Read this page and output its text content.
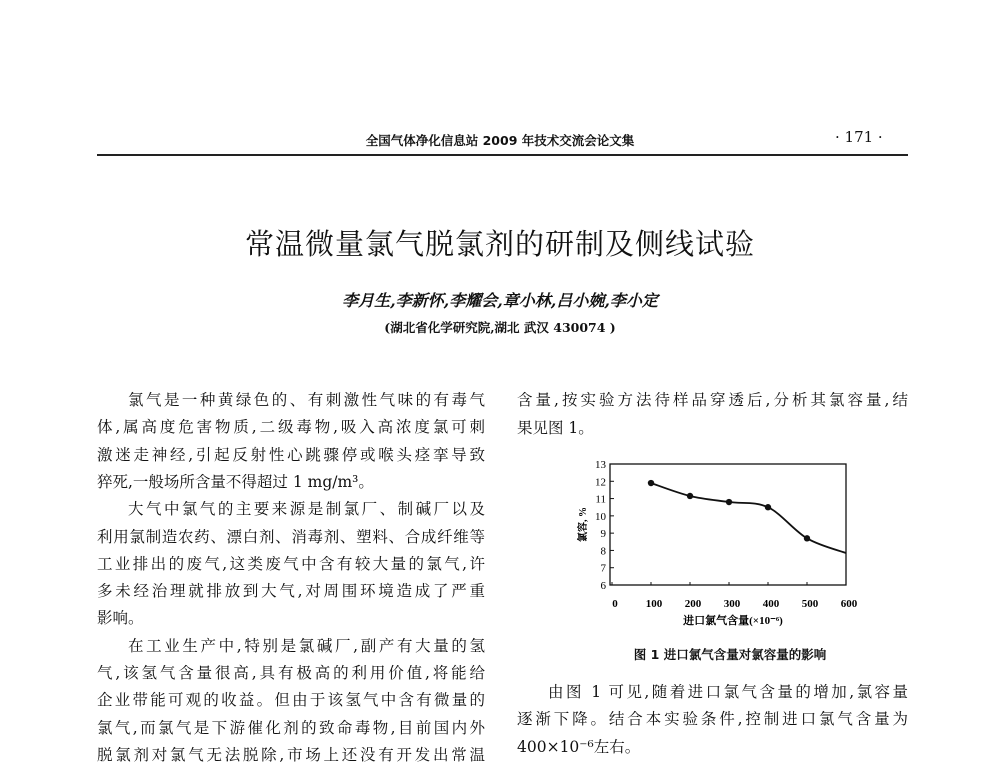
全国气体净化信息站 2009 年技术交流会论文集	· 171 ·
常温微量氯气脱氯剂的研制及侧线试验
李月生,李新怀,李耀会,章小林,吕小婉,李小定
(湖北省化学研究院,湖北 武汉 430074 )
氯气是一种黄绿色的、有刺激性气味的有毒气
体,属高度危害物质,二级毒物,吸入高浓度氯可刺
激迷走神经,引起反射性心跳骤停或喉头痉挛导致
猝死,一般场所含量不得超过 1 mg/m³。
大气中氯气的主要来源是制氯厂、制碱厂以及
利用氯制造农药、漂白剂、消毒剂、塑料、合成纤维等
工业排出的废气,这类废气中含有较大量的氯气,许
多未经治理就排放到大气,对周围环境造成了严重
影响。
在工业生产中,特别是氯碱厂,副产有大量的氢
气,该氢气含量很高,具有极高的利用价值,将能给
企业带能可观的收益。但由于该氢气中含有微量的
氯气,而氯气是下游催化剂的致命毒物,目前国内外
脱氯剂对氯气无法脱除,市场上还没有开发出常温
含量,按实验方法待样品穿透后,分析其氯容量,结
果见图 1。
由图 1 可见,随着进口氯气含量的增加,氯容量
逐渐下降。结合本实验条件,控制进口氯气含量为
400×10⁻⁶左右。
6
7
8
9
10
11
12
13
0	100 200 300 400 500 600
进口氯气含量(×10⁻⁶)
氯容, %
图 1 进口氯气含量对氯容量的影响
